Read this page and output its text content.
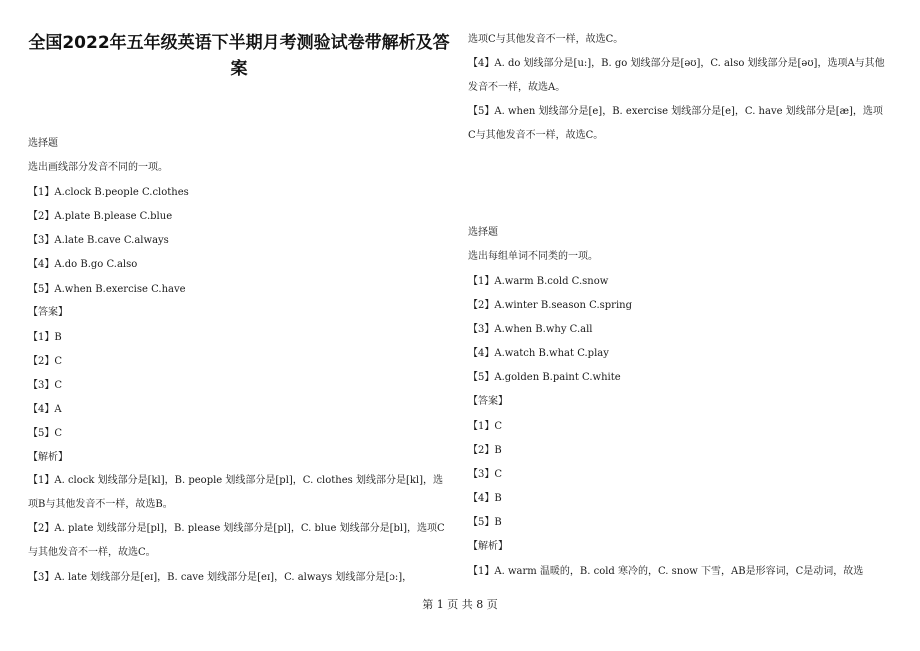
全国2022年五年级英语下半期月考测验试卷带解析及答案
选择题
选出画线部分发音不同的一项。
【1】A.clock B.people C.clothes
【2】A.plate B.please C.blue
【3】A.late B.cave C.always
【4】A.do B.go C.also
【5】A.when B.exercise C.have
【答案】
【1】B
【2】C
【3】C
【4】A
【5】C
【解析】
【1】A. clock 划线部分是[kl]，B. people 划线部分是[pl]，C. clothes 划线部分是[kl]，选项B与其他发音不一样，故选B。
【2】A. plate 划线部分是[pl]，B. please 划线部分是[pl]，C. blue 划线部分是[bl]，选项C与其他发音不一样，故选C。
【3】A. late 划线部分是[eɪ]，B. cave 划线部分是[eɪ]，C. always 划线部分是[ɔ:]，
选项C与其他发音不一样，故选C。
【4】A. do 划线部分是[u:]，B. go 划线部分是[əʊ]，C. also 划线部分是[əʊ]，选项A与其他发音不一样，故选A。
【5】A. when 划线部分是[e]，B. exercise 划线部分是[e]，C. have 划线部分是[æ]，选项C与其他发音不一样，故选C。
选择题
选出每组单词不同类的一项。
【1】A.warm B.cold C.snow
【2】A.winter B.season C.spring
【3】A.when B.why C.all
【4】A.watch B.what C.play
【5】A.golden B.paint C.white
【答案】
【1】C
【2】B
【3】C
【4】B
【5】B
【解析】
【1】A. warm 温暖的，B. cold 寒冷的，C. snow 下雪，AB是形容词，C是动词，故选
第 1 页 共 8 页
